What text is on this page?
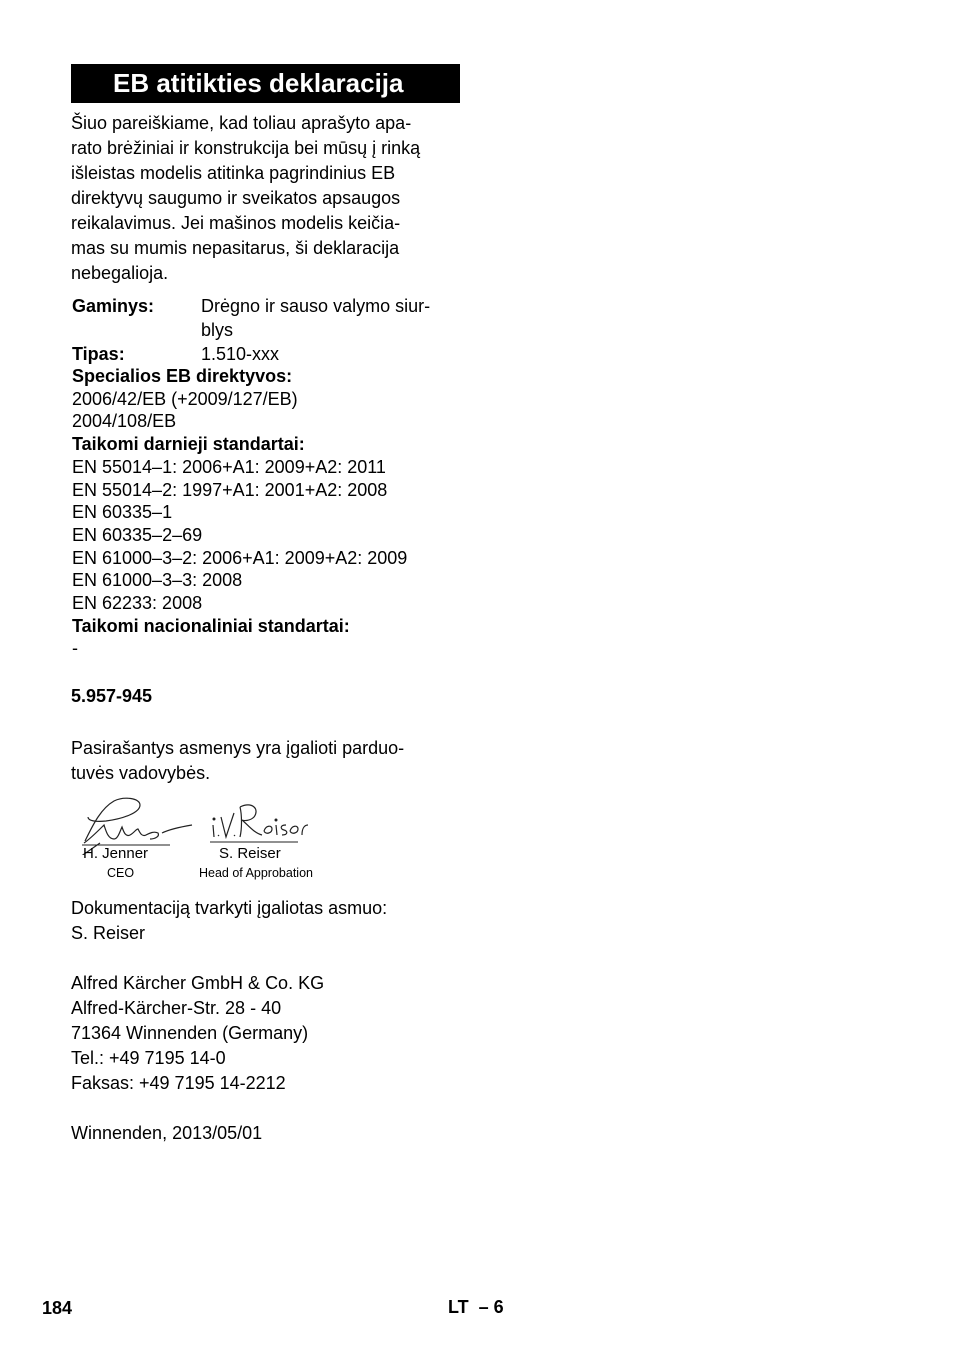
EB atitikties deklaracija
Šiuo pareiškiame, kad toliau aprašyto apa-
rato brėžiniai ir konstrukcija bei mūsų į rinką
išleistas modelis atitinka pagrindinius EB
direktyvų saugumo ir sveikatos apsaugos
reikalavimus. Jei mašinos modelis keičia-
mas su mumis nepasitarus, ši deklaracija
nebegalioja.
Gaminys:	Drėgno ir sauso valymo siur-
blys
Tipas:	1.510-xxx
Specialios EB direktyvos:
2006/42/EB (+2009/127/EB)
2004/108/EB
Taikomi darnieji standartai:
EN 55014–1: 2006+A1: 2009+A2: 2011
EN 55014–2: 1997+A1: 2001+A2: 2008
EN 60335–1
EN 60335–2–69
EN 61000–3–2: 2006+A1: 2009+A2: 2009
EN 61000–3–3: 2008
EN 62233: 2008
Taikomi nacionaliniai standartai:
-
5.957-945
Pasirašantys asmenys yra įgalioti parduo-
tuvės vadovybės.
H. Jenner
CEO
S. Reiser
Head of Approbation
Dokumentaciją tvarkyti įgaliotas asmuo:
S. Reiser
Alfred Kärcher GmbH & Co. KG
Alfred-Kärcher-Str. 28 - 40
71364 Winnenden (Germany)
Tel.: +49 7195 14-0
Faksas: +49 7195 14-2212
Winnenden, 2013/05/01
184	LT  – 6
